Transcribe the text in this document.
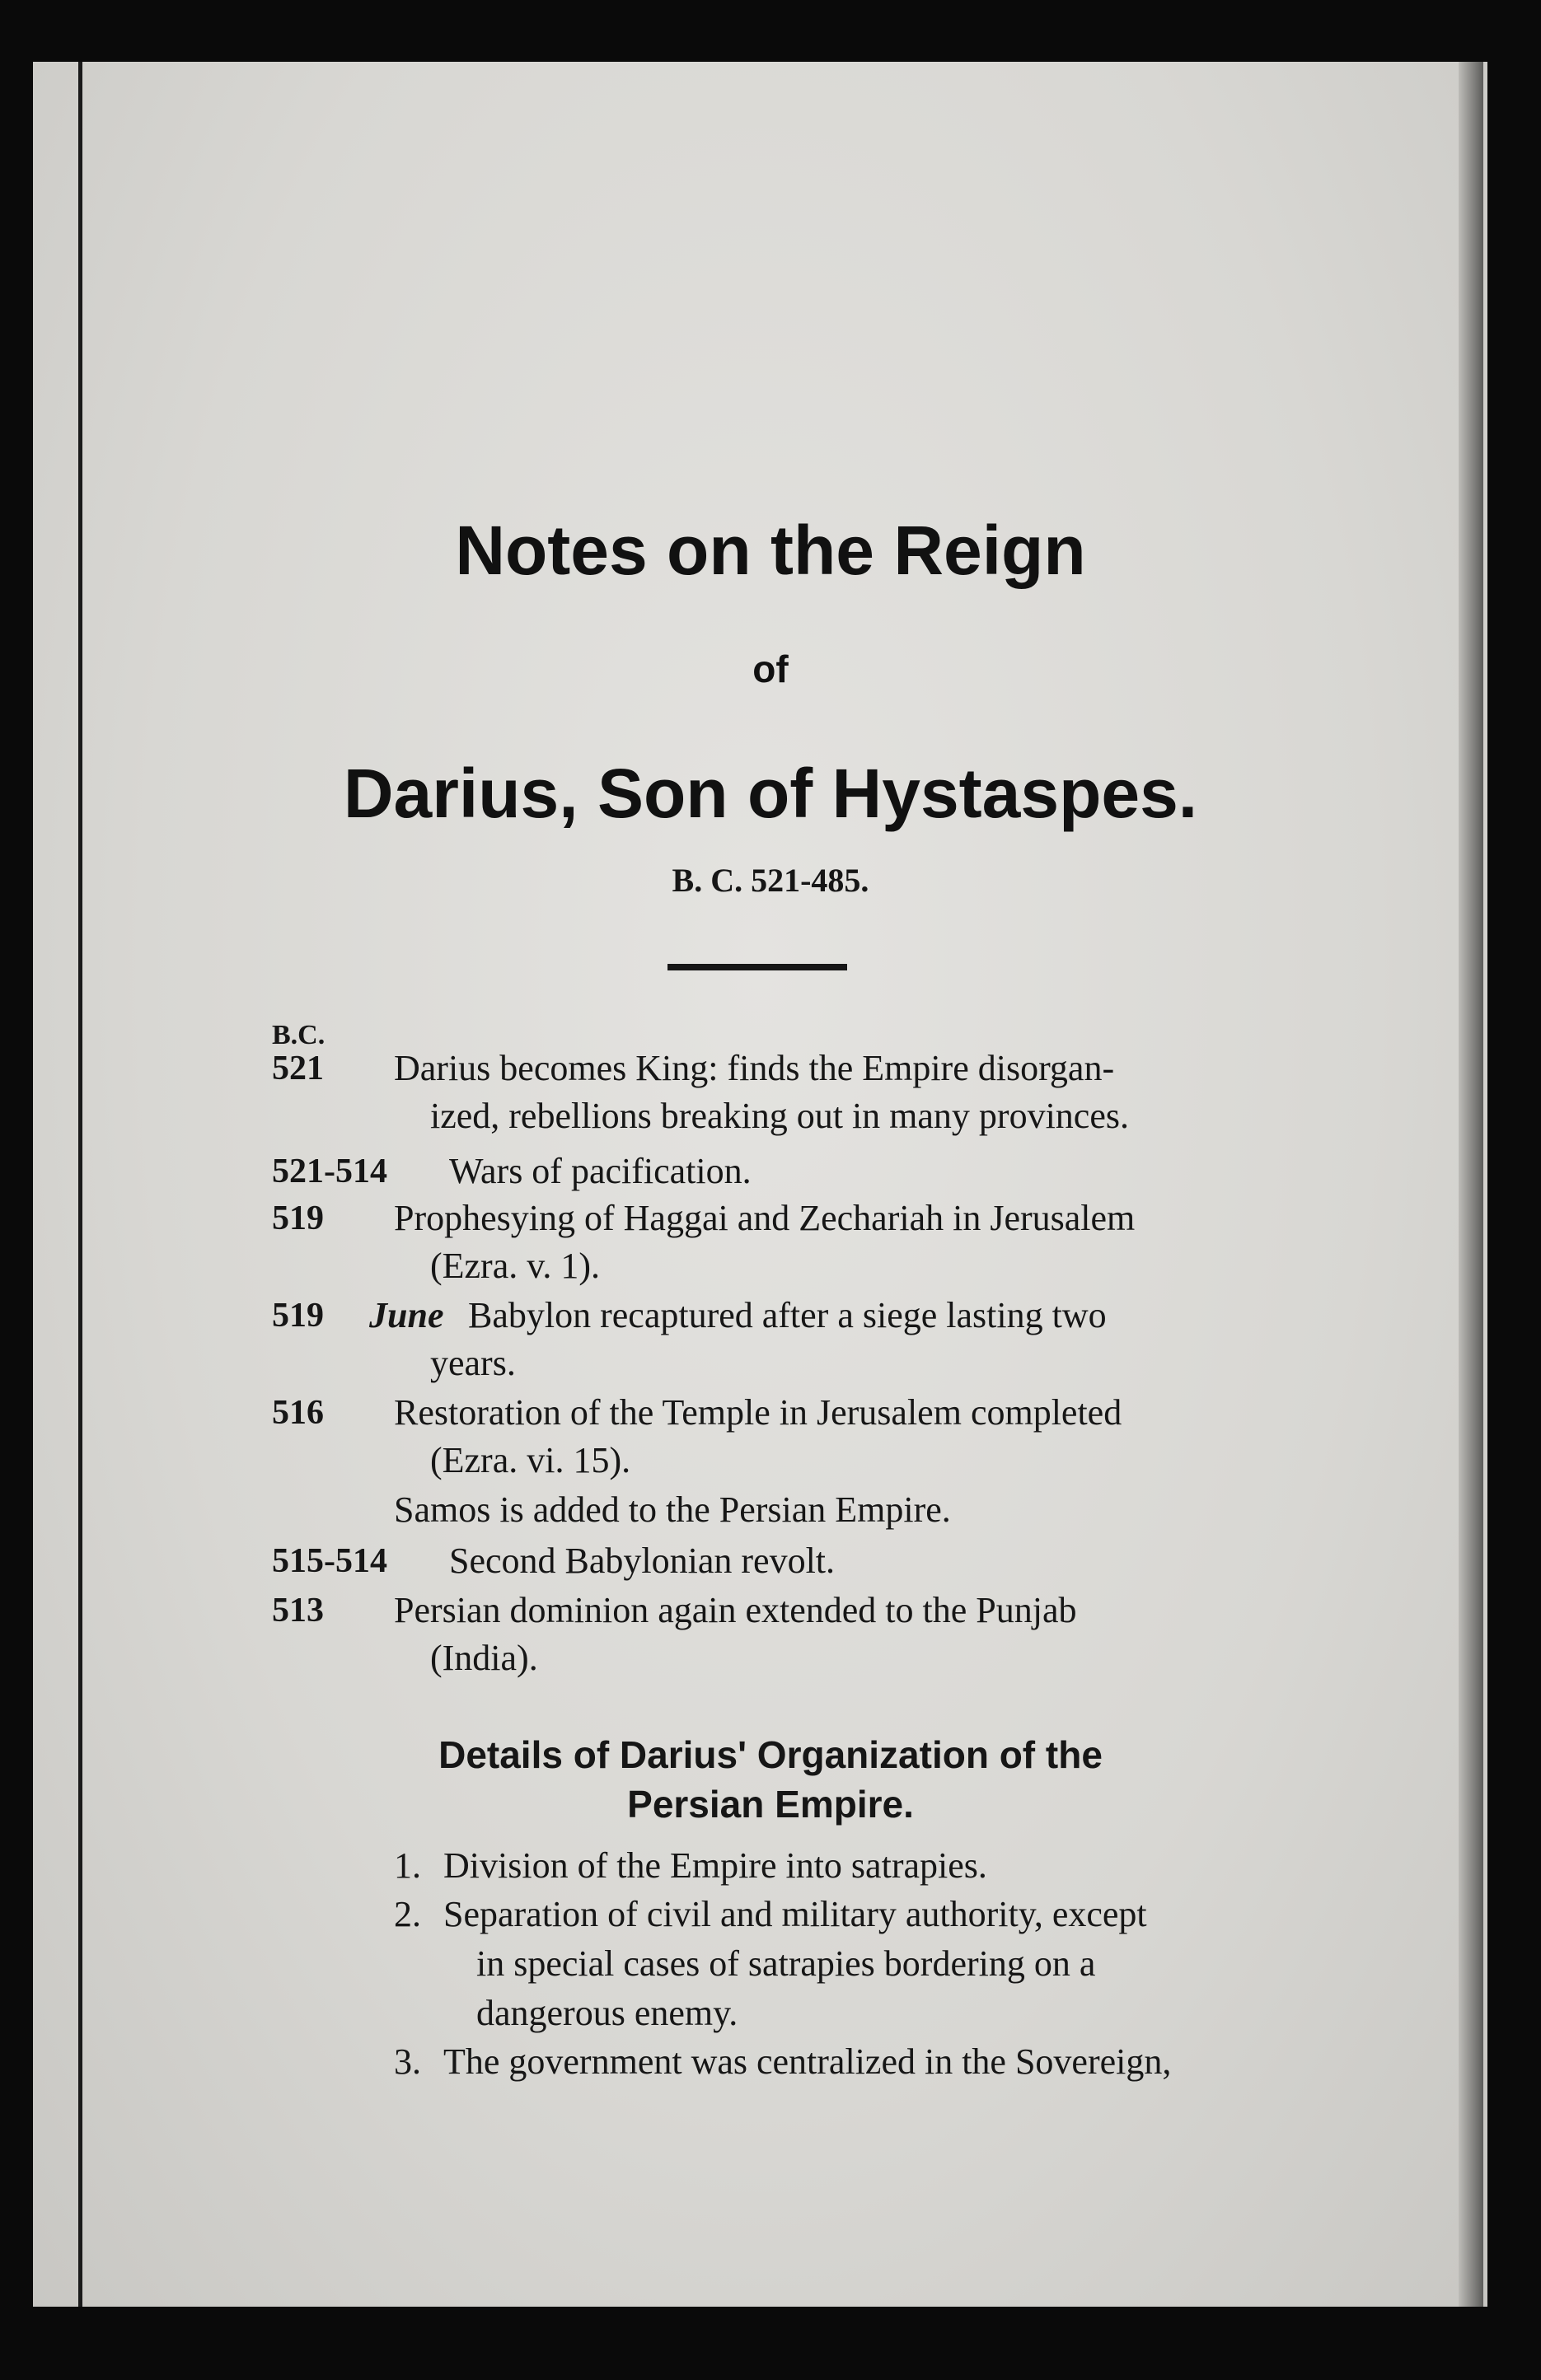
Notes on the Reign
of
Darius, Son of Hystaspes.
B. C. 521-485.
B.C.
521 Darius becomes King: finds the Empire disorgan-
ized, rebellions breaking out in many provinces.
521-514 Wars of pacification.
519 Prophesying of Haggai and Zechariah in Jerusalem
(Ezra. v. 1).
519 June Babylon recaptured after a siege lasting two
years.
516 Restoration of the Temple in Jerusalem completed
(Ezra. vi. 15).
Samos is added to the Persian Empire.
515-514 Second Babylonian revolt.
513 Persian dominion again extended to the Punjab
(India).
Details of Darius' Organization of the
Persian Empire.
1. Division of the Empire into satrapies.
2. Separation of civil and military authority, except
in special cases of satrapies bordering on a
dangerous enemy.
3. The government was centralized in the Sovereign,
